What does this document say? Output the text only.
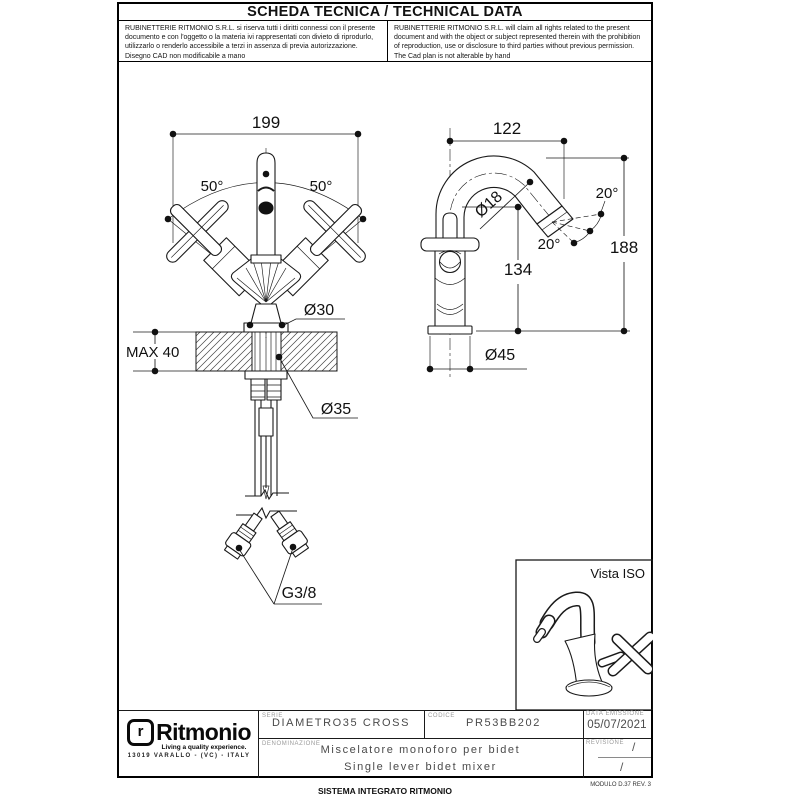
SCHEDA TECNICA / TECHNICAL DATA
RUBINETTERIE RITMONIO S.R.L. si riserva tutti i diritti connessi con il presente documento e con l'oggetto o la materia ivi rappresentati con divieto di riprodurlo, utilizzarlo o renderlo accessibile a terzi in assenza di previa autorizzazione. Disegno CAD non modificabile a mano
RUBINETTERIE RITMONIO S.R.L. will claim all rights related to the present document and with the object or subject represented therein with the prohibition of reproduction, use or disclosure to third parties without previous permission. The Cad plan is not alterable by hand
199
50°	50°
Ø30
MAX 40
Ø35
G3/8
122
20°
20°
Ø18
188
134
Ø45
Vista ISO
r Ritmonio
Living a quality experience.
13019 VARALLO - (VC) - ITALY
SERIE
DIAMETRO35 CROSS
CODICE
PR53BB202
DATA EMISSIONE
05/07/2021
DENOMINAZIONE Miscelatore monoforo per bidet
Single lever bidet mixer
REVISIONE /
/
SISTEMA INTEGRATO RITMONIO
MODULO D.37 REV. 3
